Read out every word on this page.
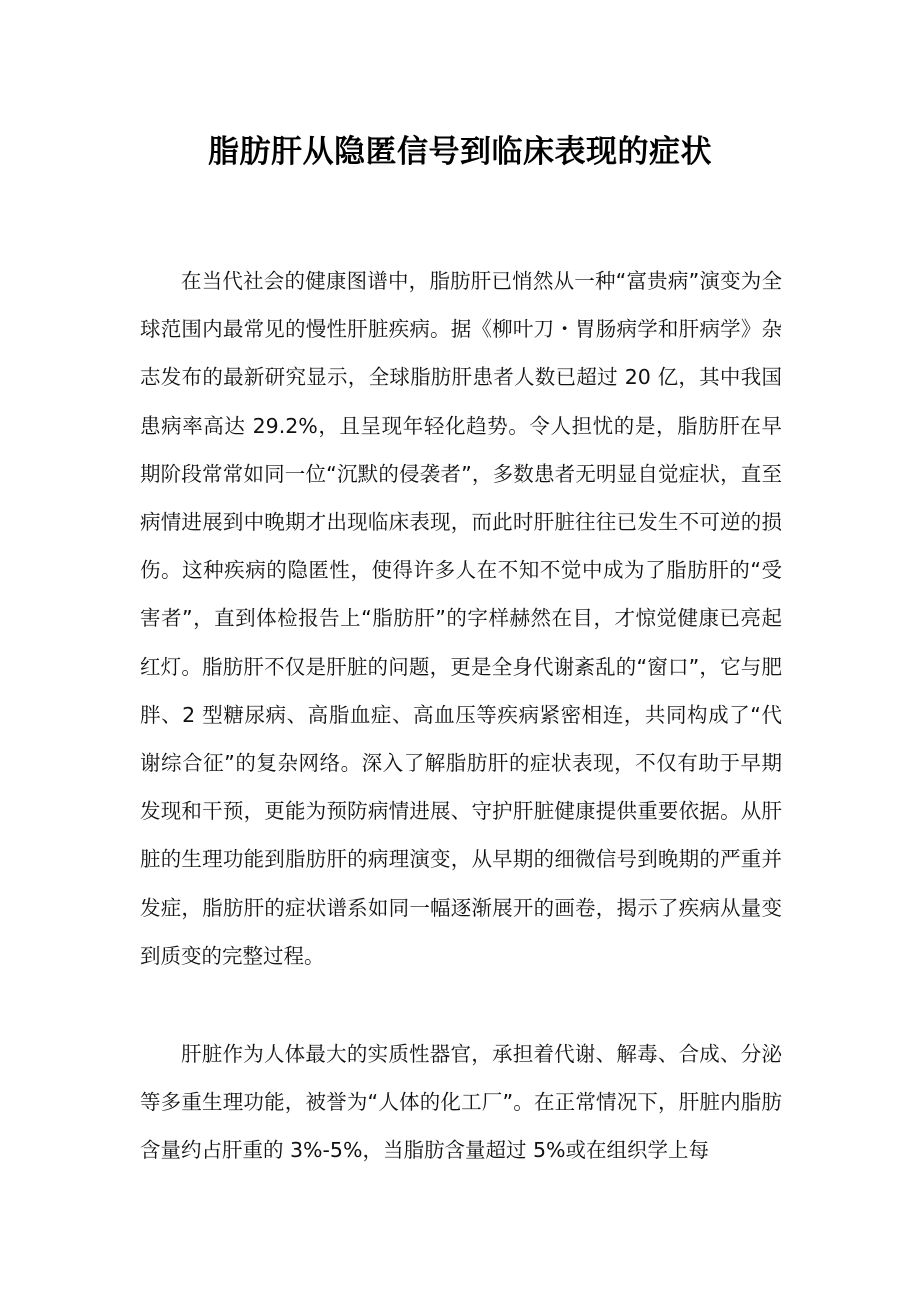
脂肪肝从隐匿信号到临床表现的症状

在当代社会的健康图谱中，脂肪肝已悄然从一种“富贵病”演变为全球范围内最常见的慢性肝脏疾病。据《柳叶刀・胃肠病学和肝病学》杂志发布的最新研究显示，全球脂肪肝患者人数已超过 20 亿，其中我国患病率高达 29.2%，且呈现年轻化趋势。令人担忧的是，脂肪肝在早期阶段常常如同一位“沉默的侵袭者”，多数患者无明显自觉症状，直至病情进展到中晚期才出现临床表现，而此时肝脏往往已发生不可逆的损伤。这种疾病的隐匿性，使得许多人在不知不觉中成为了脂肪肝的“受害者”，直到体检报告上“脂肪肝”的字样赫然在目，才惊觉健康已亮起红灯。脂肪肝不仅是肝脏的问题，更是全身代谢紊乱的“窗口”，它与肥胖、2 型糖尿病、高脂血症、高血压等疾病紧密相连，共同构成了“代谢综合征”的复杂网络。深入了解脂肪肝的症状表现，不仅有助于早期发现和干预，更能为预防病情进展、守护肝脏健康提供重要依据。从肝脏的生理功能到脂肪肝的病理演变，从早期的细微信号到晚期的严重并发症，脂肪肝的症状谱系如同一幅逐渐展开的画卷，揭示了疾病从量变到质变的完整过程。

肝脏作为人体最大的实质性器官，承担着代谢、解毒、合成、分泌等多重生理功能，被誉为“人体的化工厂”。在正常情况下，肝脏内脂肪含量约占肝重的 3%-5%，当脂肪含量超过 5%或在组织学上每
